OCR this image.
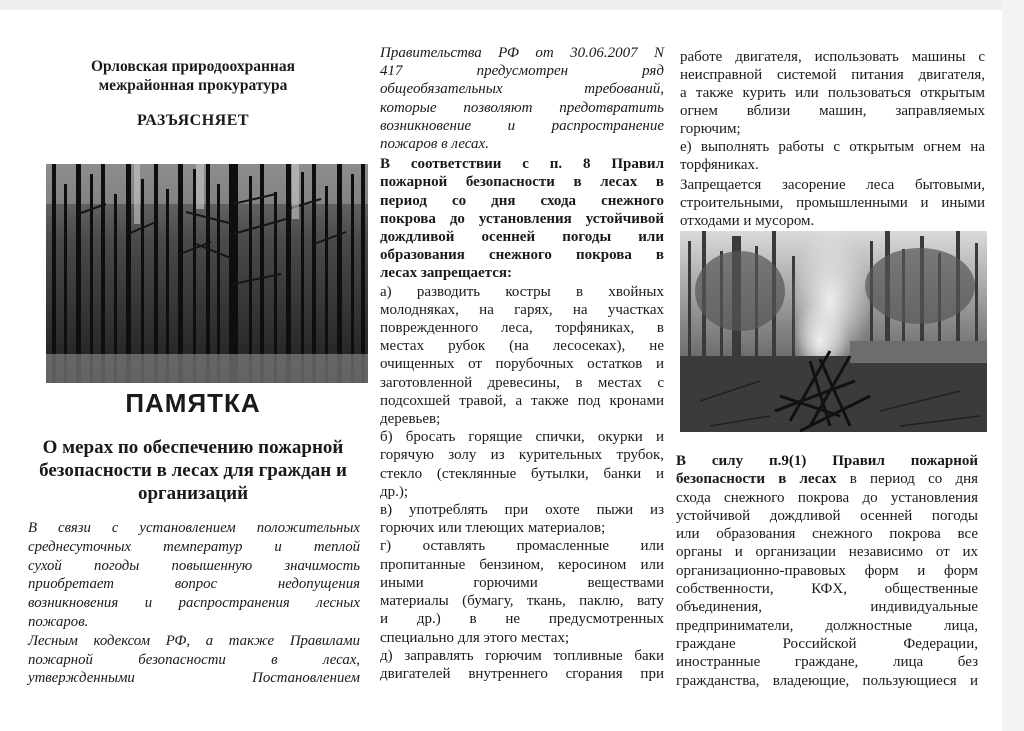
Орловская природоохранная
межрайонная прокуратура
РАЗЪЯСНЯЕТ
ПАМЯТКА
О мерах по обеспечению пожарной
безопасности в лесах для граждан и
организаций

В связи с установлением положительных

среднесуточных температур и теплой

сухой погоды повышенную значимость

приобретает вопрос недопущения

возникновения и распространения лесных

пожаров.

Лесным кодексом РФ, а также Правилами

пожарной безопасности в лесах,

утвержденными Постановлением

Правительства РФ от 30.06.2007 N

417 предусмотрен ряд

общеобязательных требований,

которые позволяют предотвратить

возникновение и распространение

пожаров в лесах.

В соответствии с п. 8 Правил

пожарной безопасности в лесах в

период со дня схода снежного

покрова до установления устойчивой

дождливой осенней погоды или

образования снежного покрова в

лесах запрещается:

а) разводить костры в хвойных

молодняках, на гарях, на участках

поврежденного леса, торфяниках, в

местах рубок (на лесосеках), не

очищенных от порубочных остатков и

заготовленной древесины, в местах с

подсохшей травой, а также под кронами

деревьев;

б) бросать горящие спички, окурки и

горячую золу из курительных трубок,

стекло (стеклянные бутылки, банки и

др.);

в) употреблять при охоте пыжи из

горючих или тлеющих материалов;

г) оставлять промасленные или

пропитанные бензином, керосином или

иными горючими веществами

материалы (бумагу, ткань, паклю, вату

и др.) в не предусмотренных

специально для этого местах;

д) заправлять горючим топливные баки

двигателей внутреннего сгорания при

работе двигателя, использовать машины с

неисправной системой питания двигателя,

а также курить или пользоваться открытым

огнем вблизи машин, заправляемых

горючим;

е) выполнять работы с открытым огнем на

торфяниках.

Запрещается засорение леса бытовыми,

строительными, промышленными и иными

отходами и мусором.

В силу п.9(1) Правил пожарной

безопасности в лесах в период со дня

схода снежного покрова до установления

устойчивой дождливой осенней погоды

или образования снежного покрова все

органы и организации независимо от их

организационно-правовых форм и форм

собственности, КФХ, общественные

объединения, индивидуальные

предприниматели, должностные лица,

граждане Российской Федерации,

иностранные граждане, лица без

гражданства, владеющие, пользующиеся и
